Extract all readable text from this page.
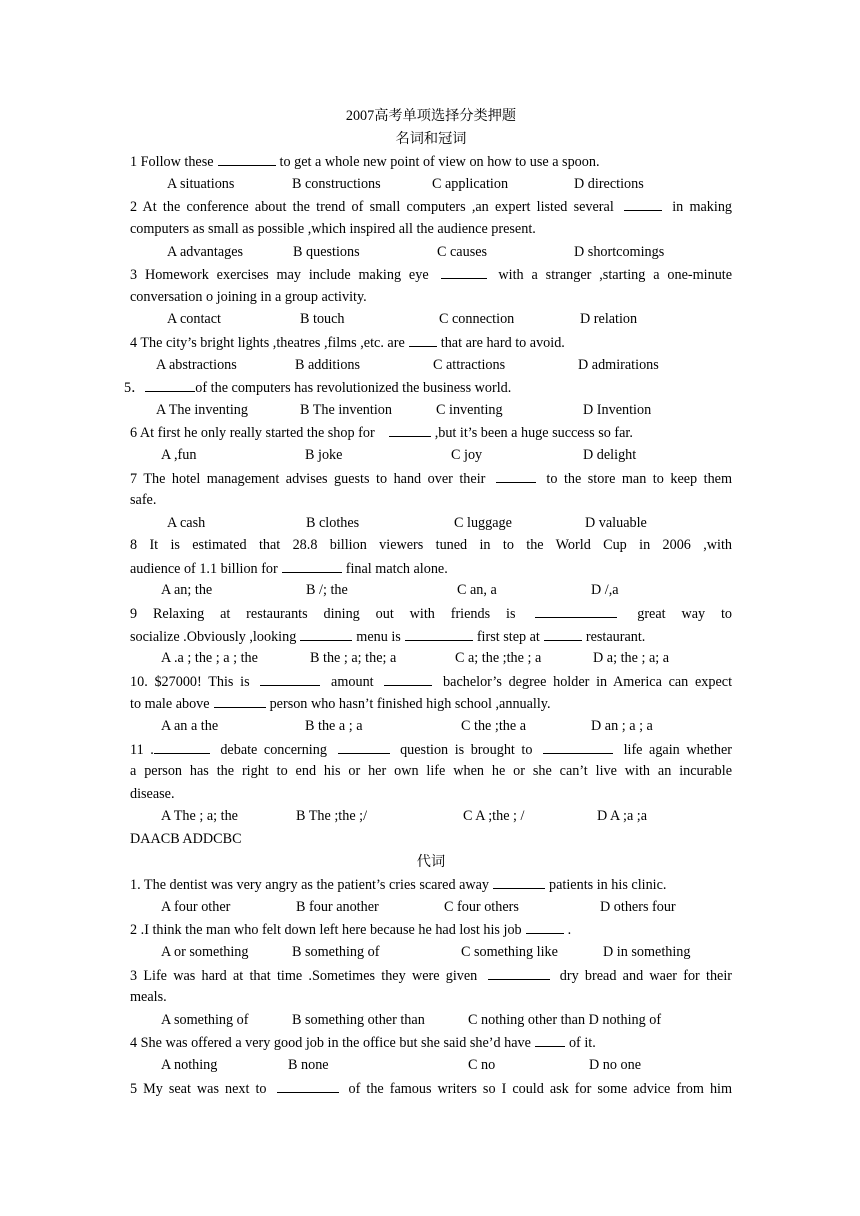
2007高考单项选择分类押题
名词和冠词
1 Follow these	to get a whole new point of view on how to use a spoon.
A situations	B constructions	C application	D directions
2 At the conference about the trend of small computers ,an expert listed several	in making
computers as small as possible ,which inspired all the audience present.
A advantages	B questions	C causes	D shortcomings
3 Homework exercises may include making eye	with a stranger ,starting a one-minute
conversation o joining in a group activity.
A contact	B touch	C connection	D relation
4 The city’s bright lights ,theatres ,films ,etc. are	that are hard to avoid.
A abstractions	B additions	C attractions	D admirations
5．	of the computers has revolutionized the business world.
A The inventing	B The invention	C inventing	D Invention
6 At first he only really started the shop for	,but it’s been a huge success so far.
A ,fun	B joke	C joy	D delight
7 The hotel management advises guests to hand over their	to the store man to keep them
safe.
A cash	B clothes	C luggage	D valuable
8 It is estimated that 28.8 billion viewers tuned in to the World Cup in 2006 ,with
audience of 1.1 billion for	final match alone.
A an; the	B /; the	C an, a	D /,a
9 Relaxing at restaurants dining out with friends is	great way to
socialize .Obviously ,looking	menu is	first step at	restaurant.
A .a ; the ; a ; the	B the ; a; the; a	C a; the ;the ; a	D a; the ; a; a
10. $27000! This is	amount	bachelor’s degree holder in America can expect
to male above	person who hasn’t finished high school ,annually.
A an a the	B the a ; a	C the ;the a	D an ; a ; a
11 .	debate concerning	question is brought to	life again whether
a person has the right to end his or her own life when he or she can’t live with an incurable
disease.
A The ; a; the	B The ;the ;/	C A ;the ; /	D A ;a ;a
DAACB ADDCBC
代词
1. The dentist was very angry as the patient’s cries scared away	patients in his clinic.
A four other	B four another	C four others	D others four
2 .I think the man who felt down left here because he had lost his job	.
A or something	B something of	C something like	D in something
3 Life was hard at that time .Sometimes they were given	dry bread and waer for their
meals.
A something of	B something other than	C nothing other than D nothing of
4 She was offered a very good job in the office but she said she’d have	of it.
A nothing	B none	C no	D no one
5 My seat was next to	of the famous writers so I could ask for some advice from him
